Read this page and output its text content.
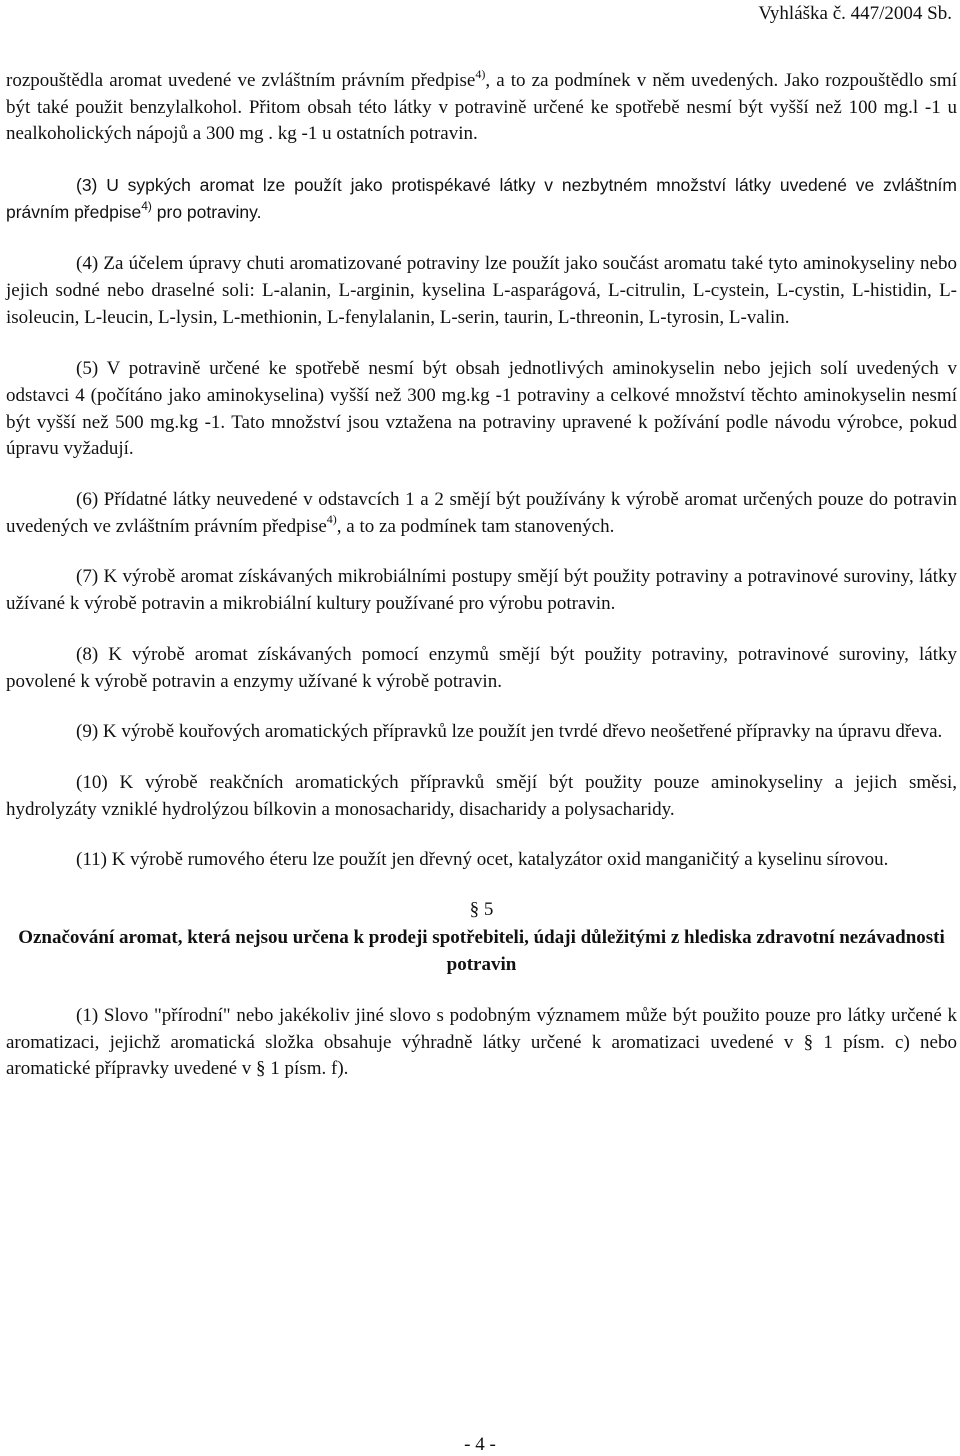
Vyhláška č. 447/2004 Sb.

rozpouštědla aromat uvedené ve zvláštním právním předpise$^{4)}$, a to za podmínek v něm uvedených. Jako rozpouštědlo smí být také použit benzylalkohol. Přitom obsah této látky v potravině určené ke spotřebě nesmí být vyšší než 100 mg.l -1 u nealkoholických nápojů a 300 mg . kg -1 u ostatních potravin.

(3) U sypkých aromat lze použít jako protispékavé látky v nezbytném množství látky uvedené ve zvláštním právním předpise$^{4)}$ pro potraviny.

(4) Za účelem úpravy chuti aromatizované potraviny lze použít jako součást aromatu také tyto aminokyseliny nebo jejich sodné nebo draselné soli: L-alanin, L-arginin, kyselina L-asparágová, L-citrulin, L-cystein, L-cystin, L-histidin, L-isoleucin, L-leucin, L-lysin, L-methionin, L-fenylalanin, L-serin, taurin, L-threonin, L-tyrosin, L-valin.

(5) V potravině určené ke spotřebě nesmí být obsah jednotlivých aminokyselin nebo jejich solí uvedených v odstavci 4 (počítáno jako aminokyselina) vyšší než 300 mg.kg -1 potraviny a celkové množství těchto aminokyselin nesmí být vyšší než 500 mg.kg -1. Tato množství jsou vztažena na potraviny upravené k požívání podle návodu výrobce, pokud úpravu vyžadují.

(6) Přídatné látky neuvedené v odstavcích 1 a 2 smějí být používány k výrobě aromat určených pouze do potravin uvedených ve zvláštním právním předpise$^{4)}$, a to za podmínek tam stanovených.

(7) K výrobě aromat získávaných mikrobiálními postupy smějí být použity potraviny a potravinové suroviny, látky užívané k výrobě potravin a mikrobiální kultury používané pro výrobu potravin.

(8) K výrobě aromat získávaných pomocí enzymů smějí být použity potraviny, potravinové suroviny, látky povolené k výrobě potravin a enzymy užívané k výrobě potravin.

(9) K výrobě kouřových aromatických přípravků lze použít jen tvrdé dřevo neošetřené přípravky na úpravu dřeva.

(10) K výrobě reakčních aromatických přípravků smějí být použity pouze aminokyseliny a jejich směsi, hydrolyzáty vzniklé hydrolýzou bílkovin a monosacharidy, disacharidy a polysacharidy.

(11) K výrobě rumového éteru lze použít jen dřevný ocet, katalyzátor oxid manganičitý a kyselinu sírovou.

§ 5

Označování aromat, která nejsou určena k prodeji spotřebiteli, údaji důležitými z hlediska zdravotní nezávadnosti potravin

(1) Slovo "přírodní" nebo jakékoliv jiné slovo s podobným významem může být použito pouze pro látky určené k aromatizaci, jejichž aromatická složka obsahuje výhradně látky určené k aromatizaci uvedené v § 1 písm. c) nebo aromatické přípravky uvedené v § 1 písm. f).

- 4 -
